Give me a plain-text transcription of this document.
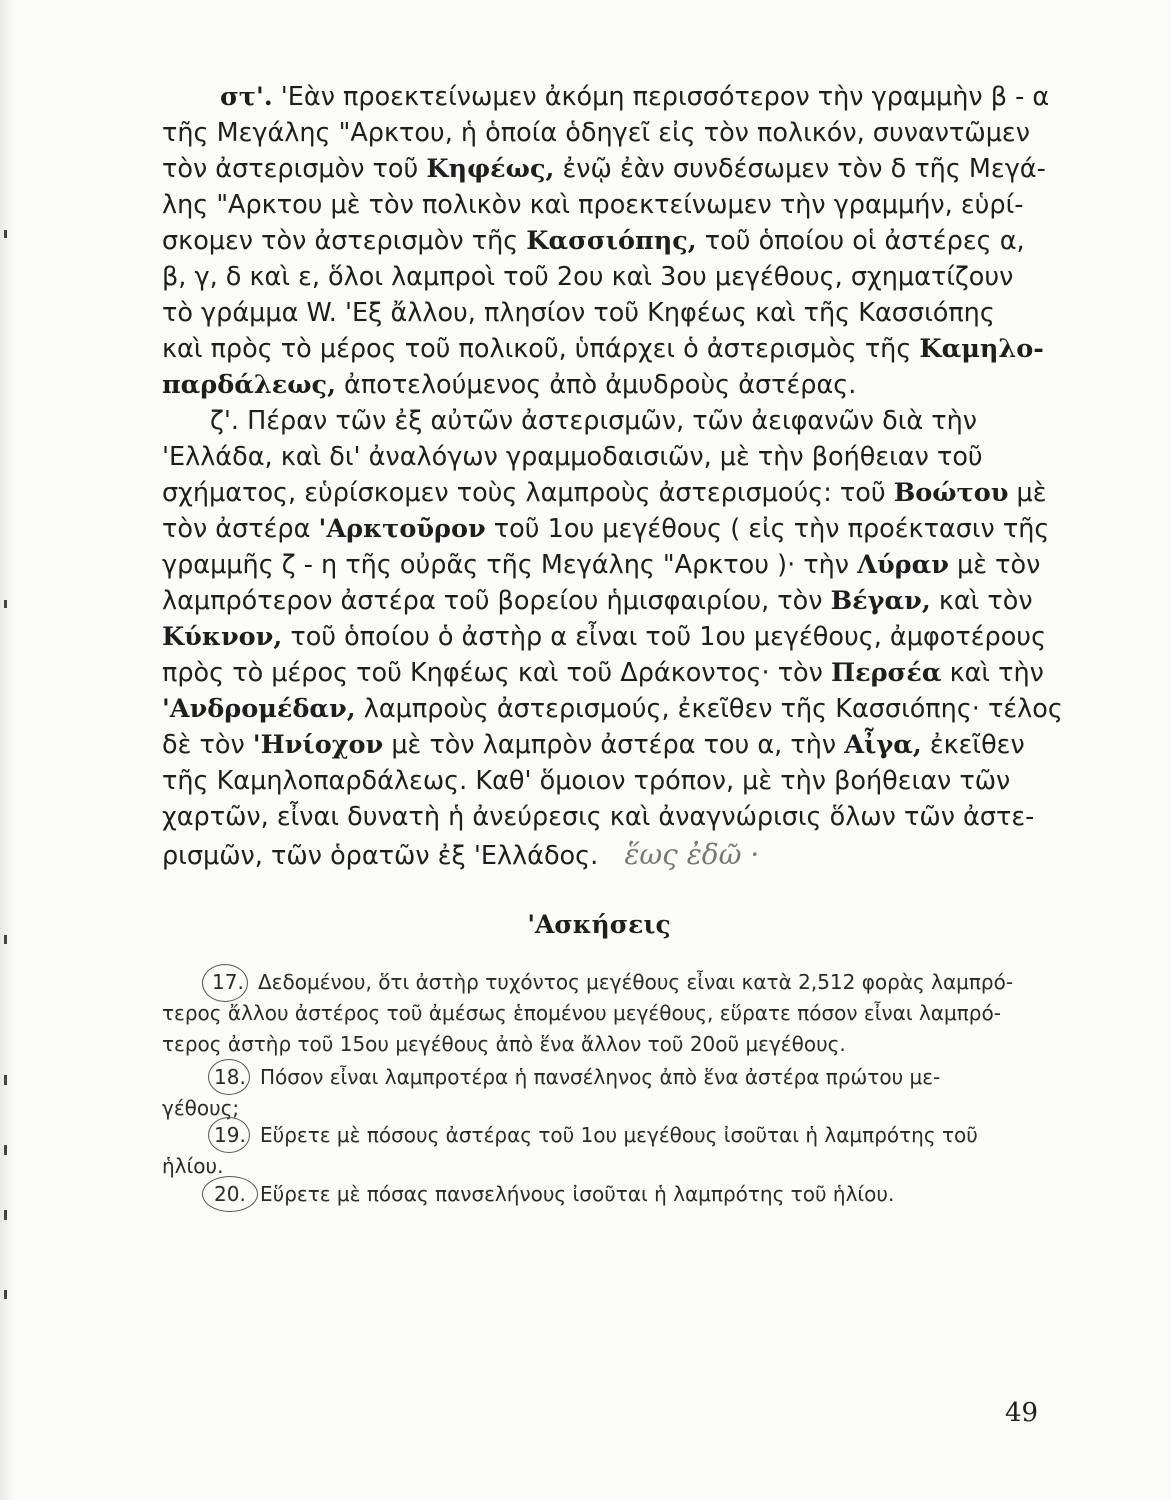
στ'. 'Εὰν προεκτείνωμεν ἀκόμη περισσότερον τὴν γραμμὴν β - α
τῆς Μεγάλης "Αρκτου, ἡ ὁποία ὁδηγεῖ εἰς τὸν πολικόν, συναντῶμεν
τὸν ἀστερισμὸν τοῦ Κηφέως, ἐνῷ ἐὰν συνδέσωμεν τὸν δ τῆς Μεγά-
λης "Αρκτου μὲ τὸν πολικὸν καὶ προεκτείνωμεν τὴν γραμμήν, εὑρί-
σκομεν τὸν ἀστερισμὸν τῆς Κασσιόπης, τοῦ ὁποίου οἱ ἀστέρες α,
β, γ, δ καὶ ε, ὅλοι λαμπροὶ τοῦ 2ου καὶ 3ου μεγέθους, σχηματίζουν
τὸ γράμμα W. 'Εξ ἄλλου, πλησίον τοῦ Κηφέως καὶ τῆς Κασσιόπης
καὶ πρὸς τὸ μέρος τοῦ πολικοῦ, ὑπάρχει ὁ ἀστερισμὸς τῆς Καμηλο-
παρδάλεως, ἀποτελούμενος ἀπὸ ἀμυδροὺς ἀστέρας.
ζ'. Πέραν τῶν ἐξ αὐτῶν ἀστερισμῶν, τῶν ἀειφανῶν διὰ τὴν
'Ελλάδα, καὶ δι' ἀναλόγων γραμμοδαισιῶν, μὲ τὴν βοήθειαν τοῦ
σχήματος, εὑρίσκομεν τοὺς λαμπροὺς ἀστερισμούς: τοῦ Βοώτου μὲ
τὸν ἀστέρα 'Αρκτοῦρον τοῦ 1ου μεγέθους ( εἰς τὴν προέκτασιν τῆς
γραμμῆς ζ - η τῆς οὐρᾶς τῆς Μεγάλης "Αρκτου )· τὴν Λύραν μὲ τὸν
λαμπρότερον ἀστέρα τοῦ βορείου ἡμισφαιρίου, τὸν Βέγαν, καὶ τὸν
Κύκνον, τοῦ ὁποίου ὁ ἀστὴρ α εἶναι τοῦ 1ου μεγέθους, ἀμφοτέρους
πρὸς τὸ μέρος τοῦ Κηφέως καὶ τοῦ Δράκοντος· τὸν Περσέα καὶ τὴν
'Ανδρομέδαν, λαμπροὺς ἀστερισμούς, ἐκεῖθεν τῆς Κασσιόπης· τέλος
δὲ τὸν 'Ηνίοχον μὲ τὸν λαμπρὸν ἀστέρα του α, τὴν Αἶγα, ἐκεῖθεν
τῆς Καμηλοπαρδάλεως. Καθ' ὅμοιον τρόπον, μὲ τὴν βοήθειαν τῶν
χαρτῶν, εἶναι δυνατὴ ἡ ἀνεύρεσις καὶ ἀναγνώρισις ὅλων τῶν ἀστε-
ρισμῶν, τῶν ὁρατῶν ἐξ 'Ελλάδος. ἕως ἐδῶ ·
'Ασκήσεις
17. Δεδομένου, ὅτι ἀστὴρ τυχόντος μεγέθους εἶναι κατὰ 2,512 φορὰς λαμπρό-
τερος ἄλλου ἀστέρος τοῦ ἀμέσως ἑπομένου μεγέθους, εὕρατε πόσον εἶναι λαμπρό-
τερος ἀστὴρ τοῦ 15ου μεγέθους ἀπὸ ἕνα ἄλλον τοῦ 20οῦ μεγέθους.
18. Πόσον εἶναι λαμπροτέρα ἡ πανσέληνος ἀπὸ ἕνα ἀστέρα πρώτου με-
γέθους;
19. Εὕρετε μὲ πόσους ἀστέρας τοῦ 1ου μεγέθους ἰσοῦται ἡ λαμπρότης τοῦ
ἡλίου.
20. Εὕρετε μὲ πόσας πανσελήνους ἰσοῦται ἡ λαμπρότης τοῦ ἡλίου.
49
